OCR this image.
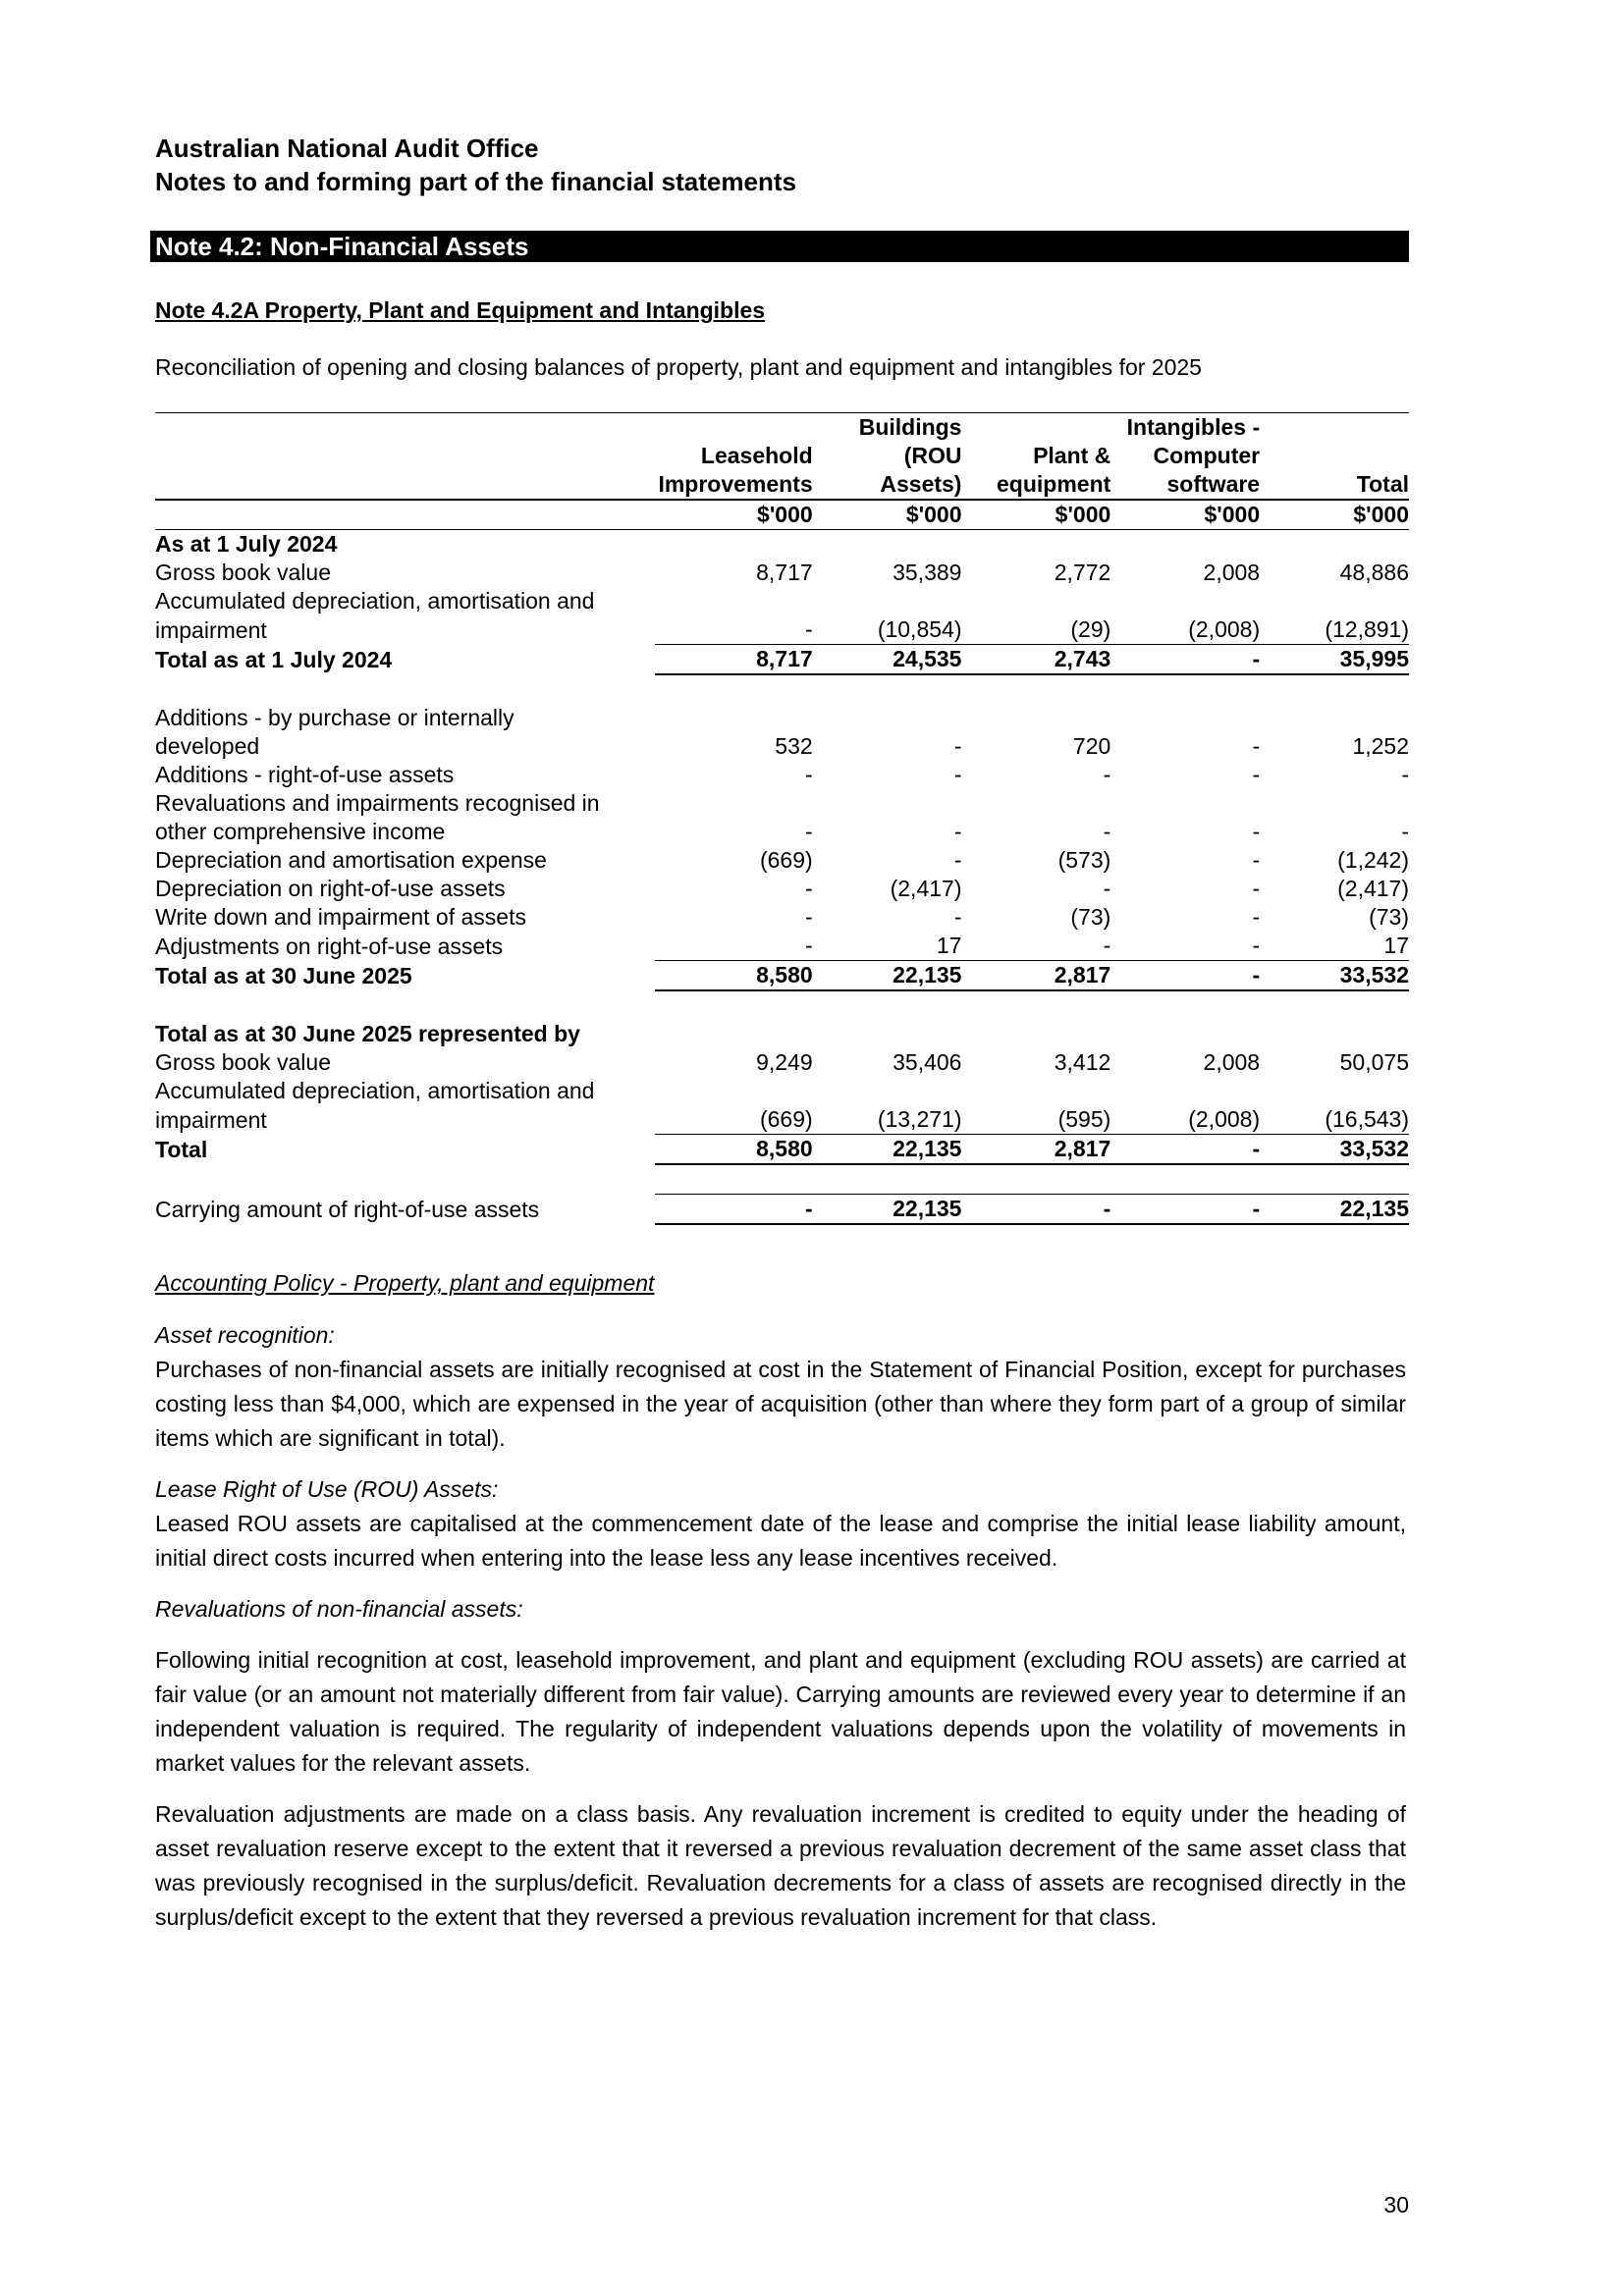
Australian National Audit Office
Notes to and forming part of the financial statements
Note 4.2: Non-Financial Assets
Note 4.2A Property, Plant and Equipment and Intangibles
Reconciliation of opening and closing balances of property, plant and equipment and intangibles for 2025
		Buildings		Intangibles -	
	Leasehold	(ROU	Plant &	Computer	
	Improvements	Assets)	equipment	software	Total
	$'000	$'000	$'000	$'000	$'000
As at 1 July 2024					
Gross book value	8,717	35,389	2,772	2,008	48,886
Accumulated depreciation, amortisation and					
impairment	-	(10,854)	(29)	(2,008)	(12,891)
Total as at 1 July 2024	8,717	24,535	2,743	-	35,995

Additions - by purchase or internally					
developed	532	-	720	-	1,252
Additions - right-of-use assets	-	-	-	-	-
Revaluations and impairments recognised in					
other comprehensive income	-	-	-	-	-
Depreciation and amortisation expense	(669)	-	(573)	-	(1,242)
Depreciation on right-of-use assets	-	(2,417)	-	-	(2,417)
Write down and impairment of assets	-	-	(73)	-	(73)
Adjustments on right-of-use assets	-	17	-	-	17
Total as at 30 June 2025	8,580	22,135	2,817	-	33,532

Total as at 30 June 2025 represented by					
Gross book value	9,249	35,406	3,412	2,008	50,075
Accumulated depreciation, amortisation and					
impairment	(669)	(13,271)	(595)	(2,008)	(16,543)
Total	8,580	22,135	2,817	-	33,532

Carrying amount of right-of-use assets	-	22,135	-	-	22,135
Accounting Policy - Property, plant and equipment
Asset recognition:

Purchases of non-financial assets are initially recognised at cost in the Statement of Financial Position, except for purchases costing less than $4,000, which are expensed in the year of acquisition (other than where they form part of a group of similar items which are significant in total).

Lease Right of Use (ROU) Assets:

Leased ROU assets are capitalised at the commencement date of the lease and comprise the initial lease liability amount, initial direct costs incurred when entering into the lease less any lease incentives received.

Revaluations of non-financial assets:

Following initial recognition at cost, leasehold improvement, and plant and equipment (excluding ROU assets) are carried at fair value (or an amount not materially different from fair value). Carrying amounts are reviewed every year to determine if an independent valuation is required. The regularity of independent valuations depends upon the volatility of movements in market values for the relevant assets.

Revaluation adjustments are made on a class basis. Any revaluation increment is credited to equity under the heading of asset revaluation reserve except to the extent that it reversed a previous revaluation decrement of the same asset class that was previously recognised in the surplus/deficit. Revaluation decrements for a class of assets are recognised directly in the surplus/deficit except to the extent that they reversed a previous revaluation increment for that class.

30
